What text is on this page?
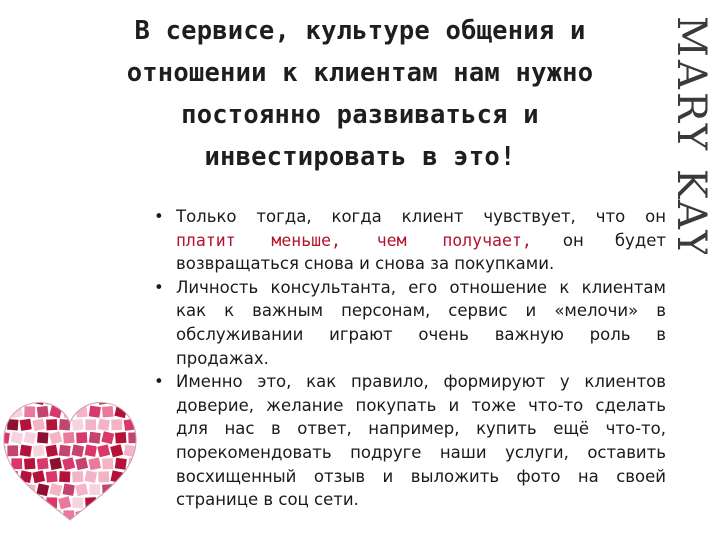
В сервисе, культуре общения и
отношении к клиентам нам нужно
постоянно развиваться и
инвестировать в это!	MARY KAY
• Только тогда, когда клиент чувствует, что он
платит меньше, чем получает, он будет
возвращаться снова и снова за покупками.
• Личность консультанта, его отношение к клиентам
как к важным персонам, сервис и «мелочи» в
обслуживании играют очень важную роль в
продажах.
• Именно это, как правило, формируют у клиентов
доверие, желание покупать и тоже что-то сделать
для нас в ответ, например, купить ещё что-то,
порекомендовать подруге наши услуги, оставить
восхищенный отзыв и выложить фото на своей
странице в соц сети.
